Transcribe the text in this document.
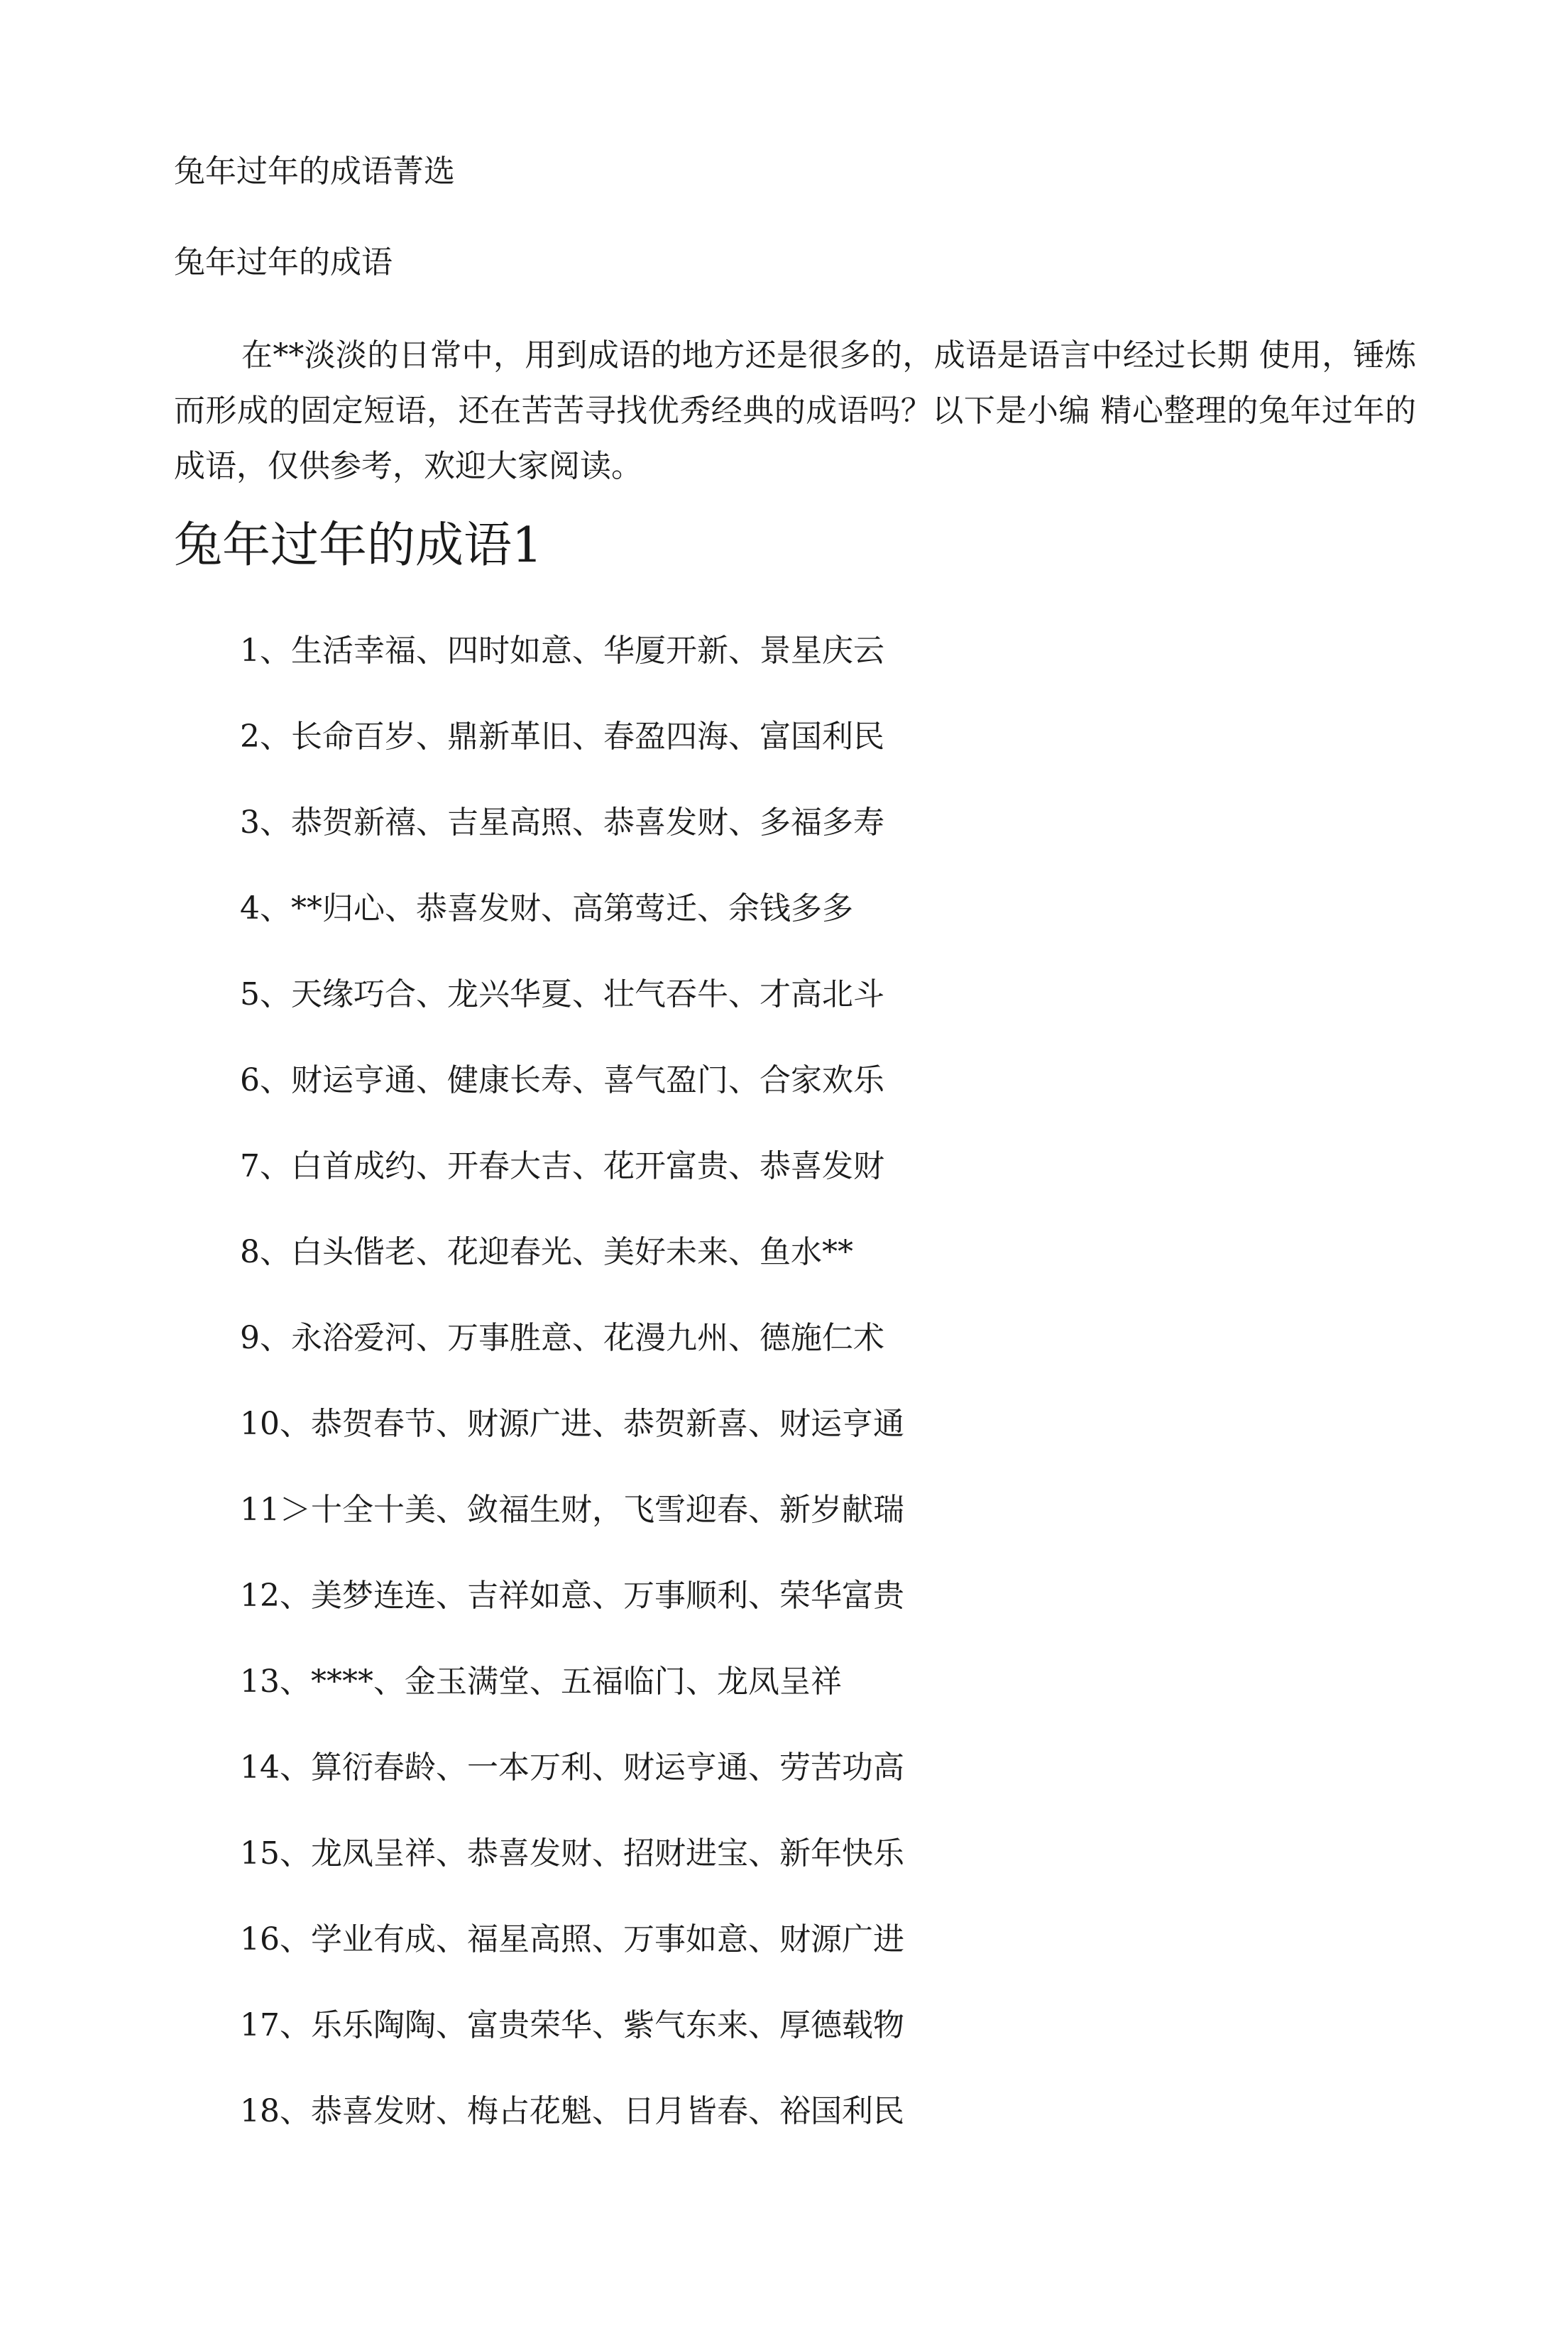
兔年过年的成语菁选
兔年过年的成语

在**淡淡的日常中，用到成语的地方还是很多的，成语是语言中经过长期 使用，锤炼而形成的固定短语，还在苦苦寻找优秀经典的成语吗？以下是小编 精心整理的兔年过年的成语，仅供参考，欢迎大家阅读。

兔年过年的成语1
1、生活幸福、四时如意、华厦开新、景星庆云
2、长命百岁、鼎新革旧、春盈四海、富国利民
3、恭贺新禧、吉星高照、恭喜发财、多福多寿
4、**归心、恭喜发财、高第莺迁、余钱多多
5、天缘巧合、龙兴华夏、壮气吞牛、才高北斗
6、财运亨通、健康长寿、喜气盈门、合家欢乐
7、白首成约、开春大吉、花开富贵、恭喜发财
8、白头偕老、花迎春光、美好未来、鱼水**
9、永浴爱河、万事胜意、花漫九州、德施仁术
10、恭贺春节、财源广进、恭贺新喜、财运亨通
11＞十全十美、敛福生财，飞雪迎春、新岁献瑞
12、美梦连连、吉祥如意、万事顺利、荣华富贵
13、****、金玉满堂、五福临门、龙凤呈祥
14、算衍春龄、一本万利、财运亨通、劳苦功高
15、龙凤呈祥、恭喜发财、招财进宝、新年快乐
16、学业有成、福星高照、万事如意、财源广进
17、乐乐陶陶、富贵荣华、紫气东来、厚德载物
18、恭喜发财、梅占花魁、日月皆春、裕国利民
